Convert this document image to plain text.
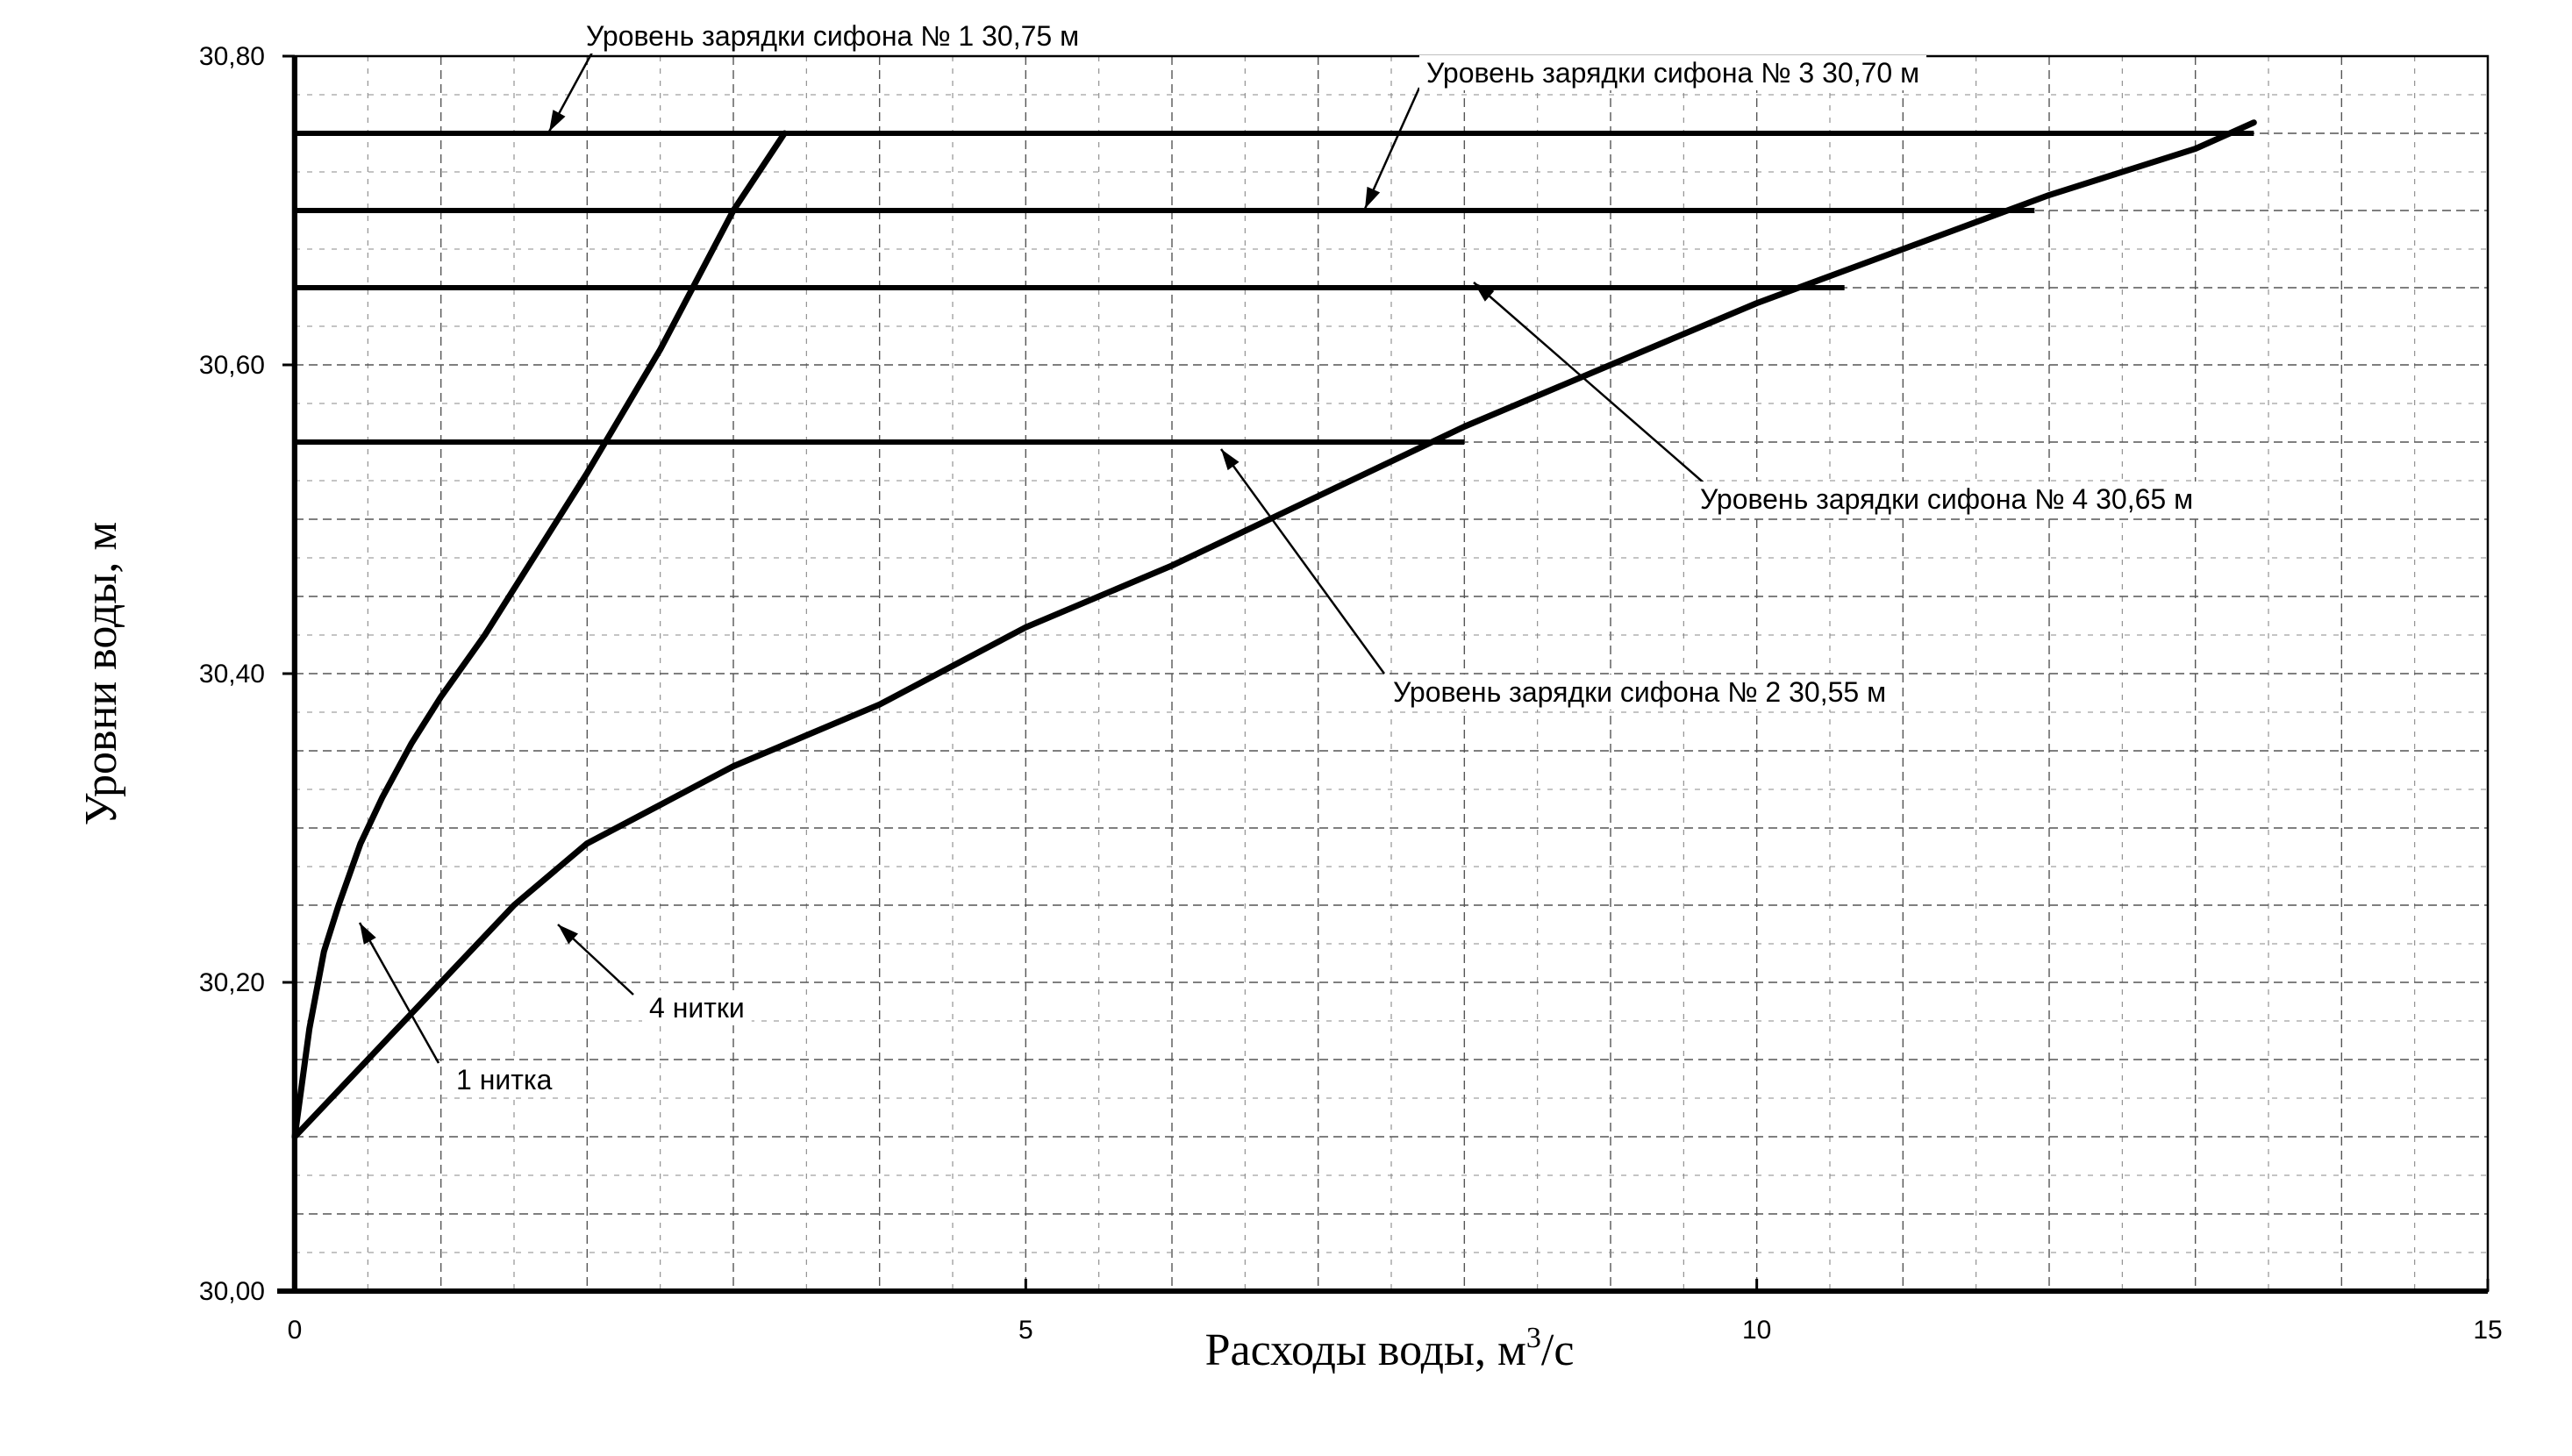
Уровень зарядки сифона № 1 30,75 м
Уровень зарядки сифона № 3 30,70 м
Уровень зарядки сифона № 4 30,65 м
Уровень зарядки сифона № 2 30,55 м
1 нитка
4 нитки
0	5	10	15
30,00
30,20
30,40
30,60
30,80
Уровни воды, м
Расходы воды, $м^3/с$
